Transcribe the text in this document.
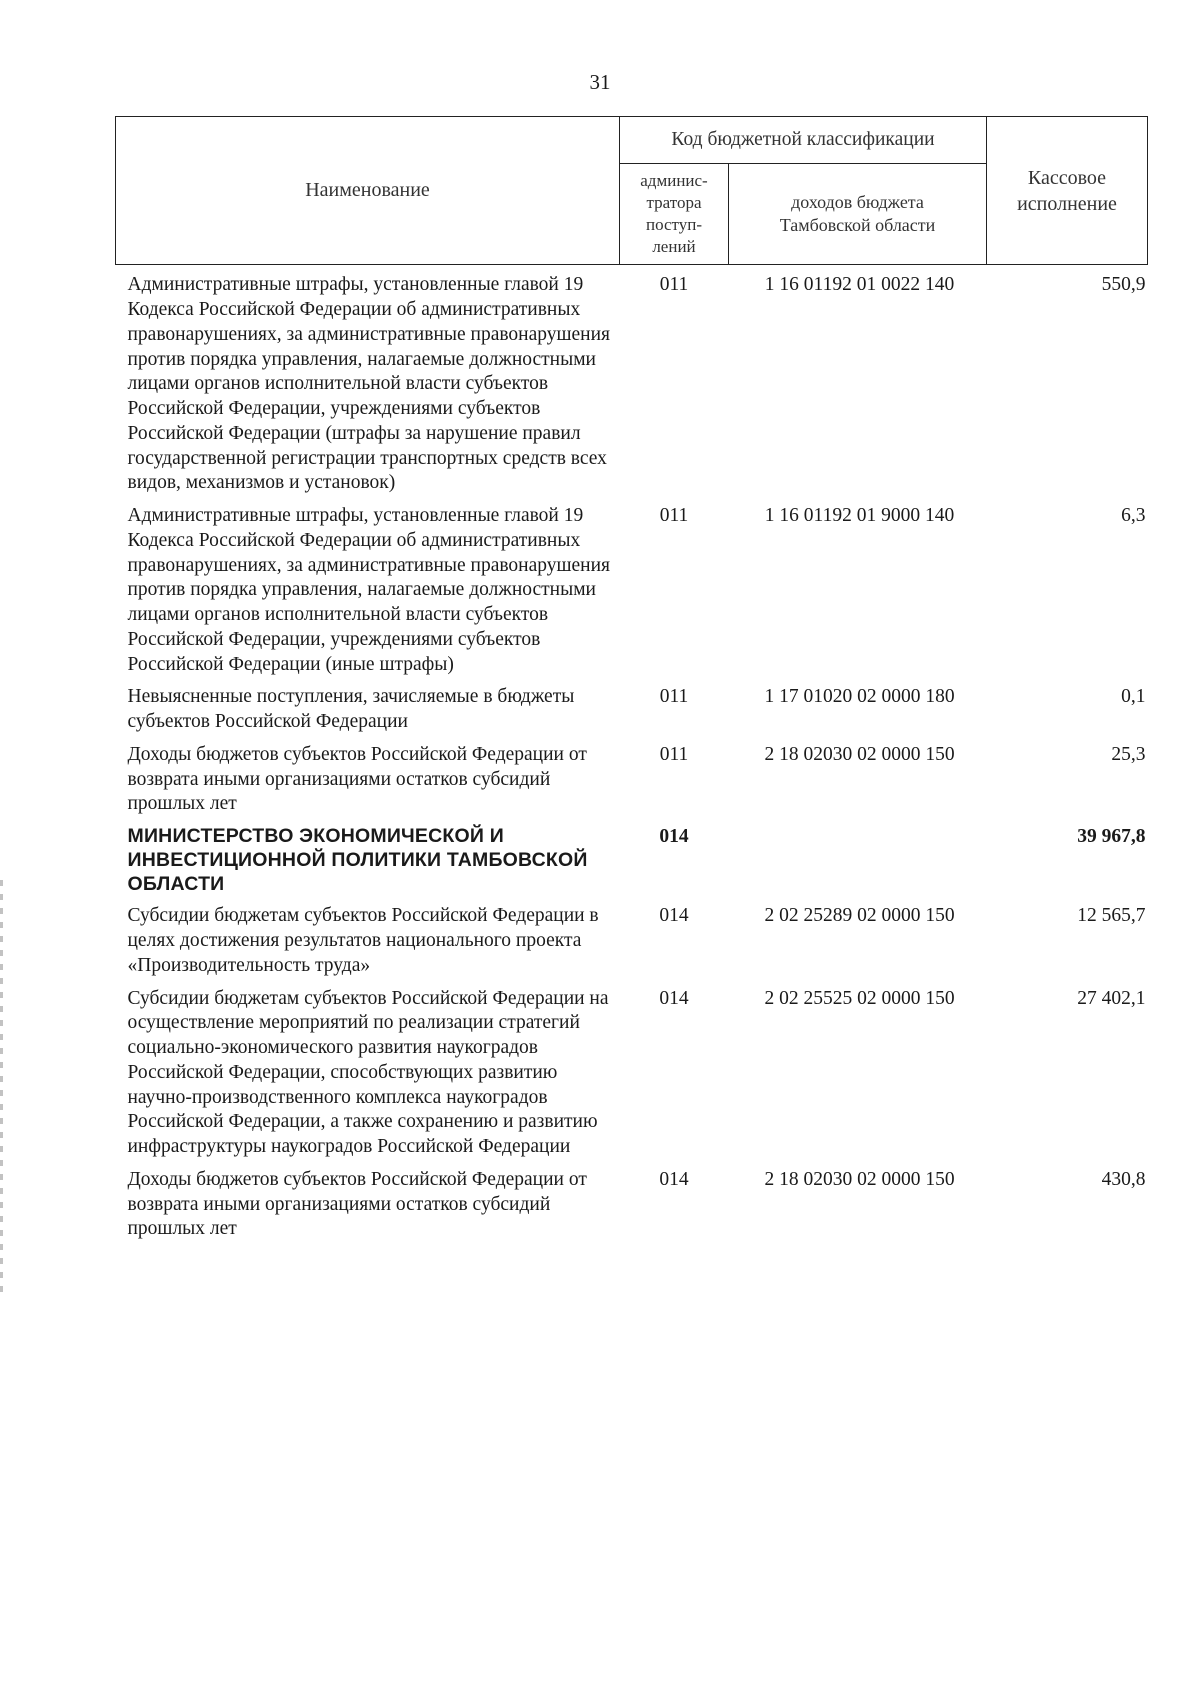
31
Наименование	Код бюджетной классификации		Кассовое
исполнение
	админис-
тратора
поступ-
лений	доходов бюджета
Тамбовской области	

Административные штрафы, установленные главой 19 Кодекса Российской Федерации об административных правонарушениях, за административные правонарушения против порядка управления, налагаемые должностными лицами органов исполнительной власти субъектов Российской Федерации, учреждениями субъектов Российской Федерации (штрафы за нарушение правил государственной регистрации транспортных средств всех видов, механизмов и установок)	011	1 16 01192 01 0022 140	550,9
Административные штрафы, установленные главой 19 Кодекса Российской Федерации об административных правонарушениях, за административные правонарушения против порядка управления, налагаемые должностными лицами органов исполнительной власти субъектов Российской Федерации, учреждениями субъектов Российской Федерации (иные штрафы)	011	1 16 01192 01 9000 140	6,3
Невыясненные поступления, зачисляемые в бюджеты субъектов Российской Федерации	011	1 17 01020 02 0000 180	0,1
Доходы бюджетов субъектов Российской Федерации от возврата иными организациями остатков субсидий прошлых лет	011	2 18 02030 02 0000 150	25,3
МИНИСТЕРСТВО ЭКОНОМИЧЕСКОЙ И ИНВЕСТИЦИОННОЙ ПОЛИТИКИ ТАМБОВСКОЙ ОБЛАСТИ	014		39 967,8
Субсидии бюджетам субъектов Российской Федерации в целях достижения результатов национального проекта «Производительность труда»	014	2 02 25289 02 0000 150	12 565,7
Субсидии бюджетам субъектов Российской Федерации на осуществление мероприятий по реализации стратегий социально-экономического развития наукоградов Российской Федерации, способствующих развитию научно-производственного комплекса наукоградов Российской Федерации, а также сохранению и развитию инфраструктуры наукоградов Российской Федерации	014	2 02 25525 02 0000 150	27 402,1
Доходы бюджетов субъектов Российской Федерации от возврата иными организациями остатков субсидий прошлых лет	014	2 18 02030 02 0000 150	430,8
